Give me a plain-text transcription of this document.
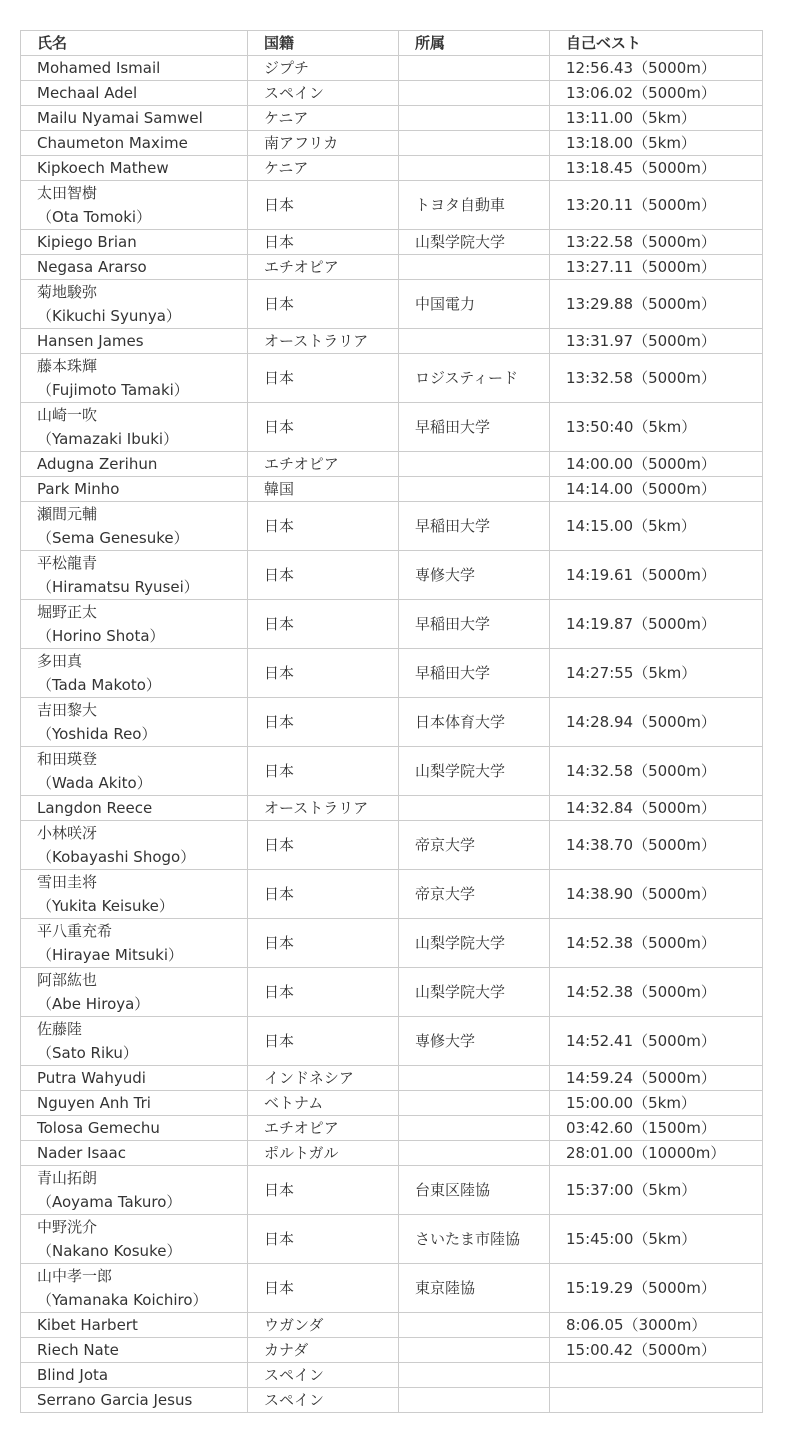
氏名	国籍	所属	自己ベスト

Mohamed Ismail	ジプチ		12:56.43（5000m）

Mechaal Adel	スペイン		13:06.02（5000m）

Mailu Nyamai Samwel	ケニア		13:11.00（5km）

Chaumeton Maxime	南アフリカ		13:18.00（5km）

Kipkoech Mathew	ケニア		13:18.45（5000m）

太田智樹
（Ota Tomoki）	日本	トヨタ自動車	13:20.11（5000m）

Kipiego Brian	日本	山梨学院大学	13:22.58（5000m）

Negasa Ararso	エチオピア		13:27.11（5000m）

菊地駿弥
（Kikuchi Syunya）	日本	中国電力	13:29.88（5000m）

Hansen James	オーストラリア		13:31.97（5000m）

藤本珠輝
（Fujimoto Tamaki）	日本	ロジスティード	13:32.58（5000m）

山崎一吹
（Yamazaki Ibuki）	日本	早稲田大学	13:50:40（5km）

Adugna Zerihun	エチオピア		14:00.00（5000m）

Park Minho	韓国		14:14.00（5000m）

瀬間元輔
（Sema Genesuke）	日本	早稲田大学	14:15.00（5km）

平松龍青
（Hiramatsu Ryusei）	日本	専修大学	14:19.61（5000m）

堀野正太
（Horino Shota）	日本	早稲田大学	14:19.87（5000m）

多田真
（Tada Makoto）	日本	早稲田大学	14:27:55（5km）

吉田黎大
（Yoshida Reo）	日本	日本体育大学	14:28.94（5000m）

和田瑛登
（Wada Akito）	日本	山梨学院大学	14:32.58（5000m）

Langdon Reece	オーストラリア		14:32.84（5000m）

小林咲冴
（Kobayashi Shogo）	日本	帝京大学	14:38.70（5000m）

雪田圭将
（Yukita Keisuke）	日本	帝京大学	14:38.90（5000m）

平八重充希
（Hirayae Mitsuki）	日本	山梨学院大学	14:52.38（5000m）

阿部紘也
（Abe Hiroya）	日本	山梨学院大学	14:52.38（5000m）

佐藤陸
（Sato Riku）	日本	専修大学	14:52.41（5000m）

Putra Wahyudi	インドネシア		14:59.24（5000m）

Nguyen Anh Tri	ベトナム		15:00.00（5km）

Tolosa Gemechu	エチオピア		03:42.60（1500m）

Nader Isaac	ポルトガル		28:01.00（10000m）

青山拓朗
（Aoyama Takuro）	日本	台東区陸協	15:37:00（5km）

中野洸介
（Nakano Kosuke）	日本	さいたま市陸協	15:45:00（5km）

山中孝一郎
（Yamanaka Koichiro）	日本	東京陸協	15:19.29（5000m）

Kibet Harbert	ウガンダ		8:06.05（3000m）

Riech Nate	カナダ		15:00.42（5000m）

Blind Jota	スペイン		

Serrano Garcia Jesus	スペイン		
